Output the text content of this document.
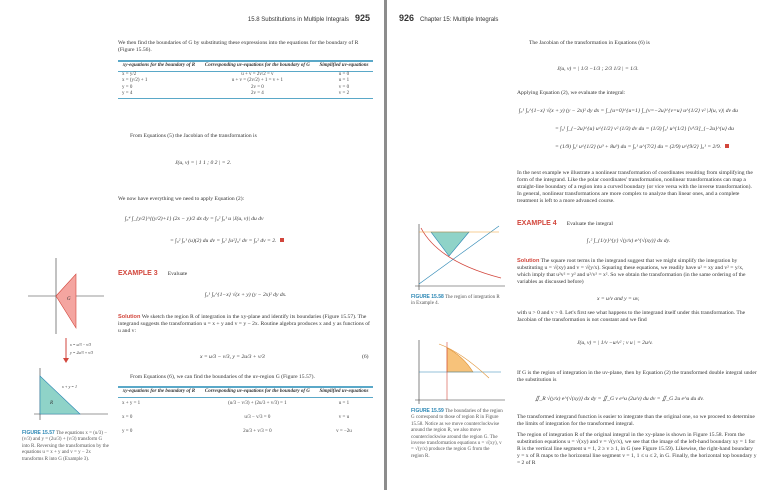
15.8 Substitutions in Multiple Integrals 925
We then find the boundaries of G by substituting these expressions into the equations for the boundary of R (Figure 15.56).
xy-equations for the boundary of R	Corresponding uv-equations for the boundary of G	Simplified uv-equations
x = y/2	u + v = 2v/2 = v	u = 0
x = (y/2) + 1	u + v = (2v/2) + 1 = v + 1	u = 1
y = 0	2v = 0	v = 0
y = 4	2v = 4	v = 2
From Equations (5) the Jacobian of the transformation is
J(u, v) = | 1 1 ; 0 2 | = 2.
We now have everything we need to apply Equation (2):
∫₀⁴ ∫_{y/2}^{(y/2)+1} (2x − y)/2 dx dy = ∫₀² ∫₀¹ u |J(u, v)| du dv
= ∫₀² ∫₀¹ (u)(2) du dv = ∫₀² [u²]₀¹ dv = ∫₀² dv = 2.
EXAMPLE 3 Evaluate
∫₀¹ ∫₀^{1−x} √(x + y) (y − 2x)² dy dx.
Solution We sketch the region R of integration in the xy-plane and identify its boundaries (Figure 15.57). The integrand suggests the transformation u = x + y and v = y − 2x. Routine algebra produces x and y as functions of u and v:
x = u/3 − v/3, y = 2u/3 + v/3	(6)
From Equations (6), we can find the boundaries of the uv-region G (Figure 15.57).
xy-equations for the boundary of R	Corresponding uv-equations for the boundary of G	Simplified uv-equations
x + y = 1	(u/3 − v/3) + (2u/3 + v/3) = 1	u = 1
x = 0	u/3 − v/3 = 0	v = u
y = 0	2u/3 + v/3 = 0	v = −2u
G
x = u/3 − v/3
y = 2u/3 + v/3
R
x + y = 1
FIGURE 15.57 The equations x = (u/3) − (v/3) and y = (2u/3) + (v/3) transform G into R. Reversing the transformation by the equations u = x + y and v = y − 2x transforms R into G (Example 3).
926 Chapter 15: Multiple Integrals
The Jacobian of the transformation in Equations (6) is
J(u, v) = | 1/3 −1/3 ; 2/3 1/3 | = 1/3.
Applying Equation (2), we evaluate the integral:
∫₀¹ ∫₀^{1−x} √(x + y) (y − 2x)² dy dx = ∫_{u=0}^{u=1} ∫_{v=−2u}^{v=u} u^{1/2} v² |J(u, v)| dv du
= ∫₀¹ ∫_{−2u}^{u} u^{1/2} v² (1/3) dv du = (1/3) ∫₀¹ u^{1/2} [v³/3]_{−2u}^{u} du
= (1/9) ∫₀¹ u^{1/2} (u³ + 8u³) du = ∫₀¹ u^{7/2} du = (2/9) u^{9/2} ]₀¹ = 2/9.
In the next example we illustrate a nonlinear transformation of coordinates resulting from simplifying the form of the integrand. Like the polar coordinates' transformation, nonlinear transformations can map a straight-line boundary of a region into a curved boundary (or vice versa with the inverse transformation). In general, nonlinear transformations are more complex to analyze than linear ones, and a complete treatment is left to a more advanced course.
EXAMPLE 4 Evaluate the integral
∫₁² ∫_{1/y}^{y} √(y/x) e^{√(xy)} dx dy.
Solution The square root terms in the integrand suggest that we might simplify the integration by substituting u = √(xy) and v = √(y/x). Squaring these equations, we readily have u² = xy and v² = y/x, which imply that u²v² = y² and u²/v² = x². So we obtain the transformation (in the same ordering of the variables as discussed before)
x = u/v and y = uv,
with u > 0 and v > 0. Let's first see what happens to the integrand itself under this transformation. The Jacobian of the transformation is not constant and we find
J(u, v) = | 1/v −u/v² ; v u | = 2u/v.
If G is the region of integration in the uv-plane, then by Equation (2) the transformed double integral under the substitution is
∬_R √(y/x) e^{√(xy)} dx dy = ∬_G v e^u (2u/v) du dv = ∬_G 2u e^u du dv.
The transformed integrand function is easier to integrate than the original one, so we proceed to determine the limits of integration for the transformed integral.
The region of integration R of the original integral in the xy-plane is shown in Figure 15.58. From the substitution equations u = √(xy) and v = √(y/x), we see that the image of the left-hand boundary xy = 1 for R is the vertical line segment u = 1, 2 ≥ v ≥ 1, in G (see Figure 15.59). Likewise, the right-hand boundary y = x of R maps to the horizontal line segment v = 1, 1 ≤ u ≤ 2, in G. Finally, the horizontal top boundary y = 2 of R
FIGURE 15.58 The region of integration R in Example 4.
FIGURE 15.59 The boundaries of the region G correspond to those of region R in Figure 15.58. Notice as we move counterclockwise around the region R, we also move counterclockwise around the region G. The inverse transformation equations u = √(xy), v = √(y/x) produce the region G from the region R.
